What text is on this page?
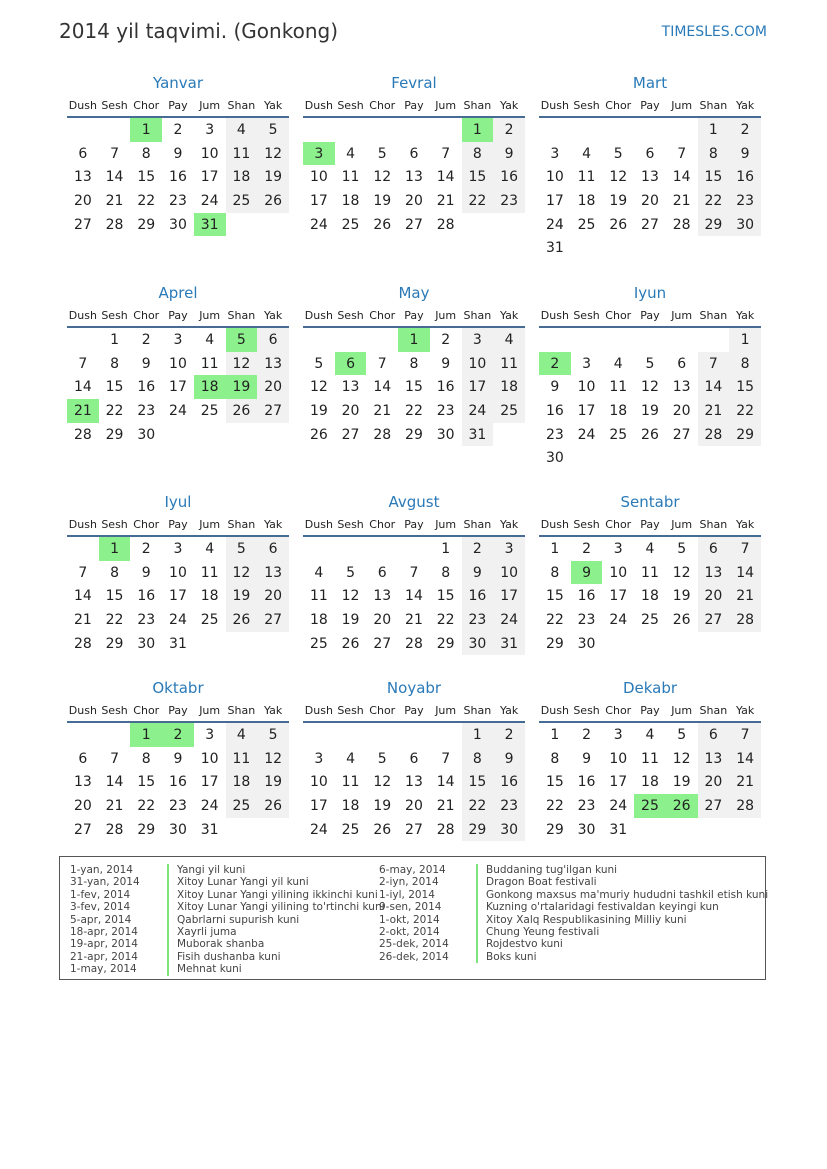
2014 yil taqvimi. (Gonkong)	TIMESLES.COM
Yanvar
Dush	Sesh	Chor	Pay	Jum	Shan	Yak
		1	2	3	4	5
6	7	8	9	10	11	12
13	14	15	16	17	18	19
20	21	22	23	24	25	26
27	28	29	30	31		
Fevral
Dush	Sesh	Chor	Pay	Jum	Shan	Yak
					1	2
3	4	5	6	7	8	9
10	11	12	13	14	15	16
17	18	19	20	21	22	23
24	25	26	27	28		
Mart
Dush	Sesh	Chor	Pay	Jum	Shan	Yak
					1	2
3	4	5	6	7	8	9
10	11	12	13	14	15	16
17	18	19	20	21	22	23
24	25	26	27	28	29	30
31						
Aprel
Dush	Sesh	Chor	Pay	Jum	Shan	Yak
	1	2	3	4	5	6
7	8	9	10	11	12	13
14	15	16	17	18	19	20
21	22	23	24	25	26	27
28	29	30				
May
Dush	Sesh	Chor	Pay	Jum	Shan	Yak
			1	2	3	4
5	6	7	8	9	10	11
12	13	14	15	16	17	18
19	20	21	22	23	24	25
26	27	28	29	30	31	
Iyun
Dush	Sesh	Chor	Pay	Jum	Shan	Yak
						1
2	3	4	5	6	7	8
9	10	11	12	13	14	15
16	17	18	19	20	21	22
23	24	25	26	27	28	29
30						
Iyul
Dush	Sesh	Chor	Pay	Jum	Shan	Yak
	1	2	3	4	5	6
7	8	9	10	11	12	13
14	15	16	17	18	19	20
21	22	23	24	25	26	27
28	29	30	31			
Avgust
Dush	Sesh	Chor	Pay	Jum	Shan	Yak
				1	2	3
4	5	6	7	8	9	10
11	12	13	14	15	16	17
18	19	20	21	22	23	24
25	26	27	28	29	30	31
Sentabr
Dush	Sesh	Chor	Pay	Jum	Shan	Yak
1	2	3	4	5	6	7
8	9	10	11	12	13	14
15	16	17	18	19	20	21
22	23	24	25	26	27	28
29	30					
Oktabr
Dush	Sesh	Chor	Pay	Jum	Shan	Yak
		1	2	3	4	5
6	7	8	9	10	11	12
13	14	15	16	17	18	19
20	21	22	23	24	25	26
27	28	29	30	31		
Noyabr
Dush	Sesh	Chor	Pay	Jum	Shan	Yak
					1	2
3	4	5	6	7	8	9
10	11	12	13	14	15	16
17	18	19	20	21	22	23
24	25	26	27	28	29	30
Dekabr
Dush	Sesh	Chor	Pay	Jum	Shan	Yak
1	2	3	4	5	6	7
8	9	10	11	12	13	14
15	16	17	18	19	20	21
22	23	24	25	26	27	28
29	30	31				
1-yan, 2014	Yangi yil kuni
31-yan, 2014	Xitoy Lunar Yangi yil kuni
1-fev, 2014	Xitoy Lunar Yangi yilining ikkinchi kuni
3-fev, 2014	Xitoy Lunar Yangi yilining to'rtinchi kuni
5-apr, 2014	Qabrlarni supurish kuni
18-apr, 2014	Xayrli juma
19-apr, 2014	Muborak shanba
21-apr, 2014	Fisih dushanba kuni
1-may, 2014	Mehnat kuni
6-may, 2014	Buddaning tug'ilgan kuni
2-iyn, 2014	Dragon Boat festivali
1-iyl, 2014	Gonkong maxsus ma'muriy hududni tashkil etish kuni
9-sen, 2014	Kuzning o'rtalaridagi festivaldan keyingi kun
1-okt, 2014	Xitoy Xalq Respublikasining Milliy kuni
2-okt, 2014	Chung Yeung festivali
25-dek, 2014	Rojdestvo kuni
26-dek, 2014	Boks kuni
